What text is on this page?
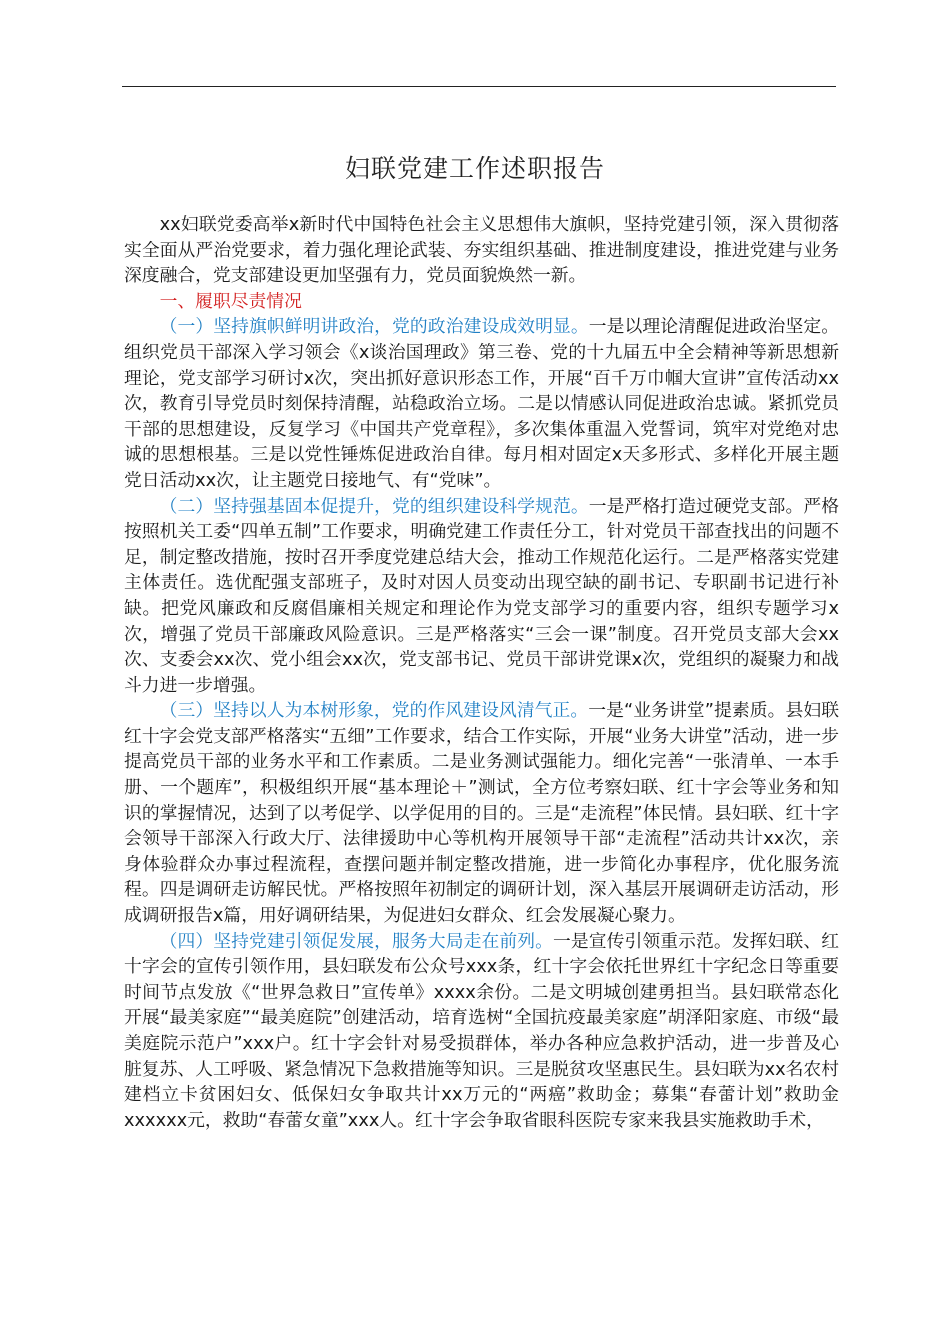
妇联党建工作述职报告

xx妇联党委高举x新时代中国特色社会主义思想伟大旗帜，坚持党建引领，深入贯彻落实全面从严治党要求，着力强化理论武装、夯实组织基础、推进制度建设，推进党建与业务深度融合，党支部建设更加坚强有力，党员面貌焕然一新。

一、履职尽责情况

（一）坚持旗帜鲜明讲政治，党的政治建设成效明显。一是以理论清醒促进政治坚定。组织党员干部深入学习领会《x谈治国理政》第三卷、党的十九届五中全会精神等新思想新理论，党支部学习研讨x次，突出抓好意识形态工作，开展“百千万巾帼大宣讲”宣传活动xx次，教育引导党员时刻保持清醒，站稳政治立场。二是以情感认同促进政治忠诚。紧抓党员干部的思想建设，反复学习《中国共产党章程》，多次集体重温入党誓词，筑牢对党绝对忠诚的思想根基。三是以党性锤炼促进政治自律。每月相对固定x天多形式、多样化开展主题党日活动xx次，让主题党日接地气、有“党味”。

（二）坚持强基固本促提升，党的组织建设科学规范。一是严格打造过硬党支部。严格按照机关工委“四单五制”工作要求，明确党建工作责任分工，针对党员干部查找出的问题不足，制定整改措施，按时召开季度党建总结大会，推动工作规范化运行。二是严格落实党建主体责任。选优配强支部班子，及时对因人员变动出现空缺的副书记、专职副书记进行补缺。把党风廉政和反腐倡廉相关规定和理论作为党支部学习的重要内容，组织专题学习x次，增强了党员干部廉政风险意识。三是严格落实“三会一课”制度。召开党员支部大会xx次、支委会xx次、党小组会xx次，党支部书记、党员干部讲党课x次，党组织的凝聚力和战斗力进一步增强。

（三）坚持以人为本树形象，党的作风建设风清气正。一是“业务讲堂”提素质。县妇联红十字会党支部严格落实“五细”工作要求，结合工作实际，开展“业务大讲堂”活动，进一步提高党员干部的业务水平和工作素质。二是业务测试强能力。细化完善“一张清单、一本手册、一个题库”，积极组织开展“基本理论＋”测试，全方位考察妇联、红十字会等业务和知识的掌握情况，达到了以考促学、以学促用的目的。三是“走流程”体民情。县妇联、红十字会领导干部深入行政大厅、法律援助中心等机构开展领导干部“走流程”活动共计xx次，亲身体验群众办事过程流程，查摆问题并制定整改措施，进一步简化办事程序，优化服务流程。四是调研走访解民忧。严格按照年初制定的调研计划，深入基层开展调研走访活动，形成调研报告x篇，用好调研结果，为促进妇女群众、红会发展凝心聚力。

（四）坚持党建引领促发展，服务大局走在前列。一是宣传引领重示范。发挥妇联、红十字会的宣传引领作用，县妇联发布公众号xxx条，红十字会依托世界红十字纪念日等重要时间节点发放《“世界急救日”宣传单》xxxx余份。二是文明城创建勇担当。县妇联常态化开展“最美家庭”“最美庭院”创建活动，培育选树“全国抗疫最美家庭”胡泽阳家庭、市级“最美庭院示范户”xxx户。红十字会针对易受损群体，举办各种应急救护活动，进一步普及心脏复苏、人工呼吸、紧急情况下急救措施等知识。三是脱贫攻坚惠民生。县妇联为xx名农村建档立卡贫困妇女、低保妇女争取共计xx万元的“两癌”救助金；募集“春蕾计划”救助金xxxxxx元，救助“春蕾女童”xxx人。红十字会争取省眼科医院专家来我县实施救助手术，
